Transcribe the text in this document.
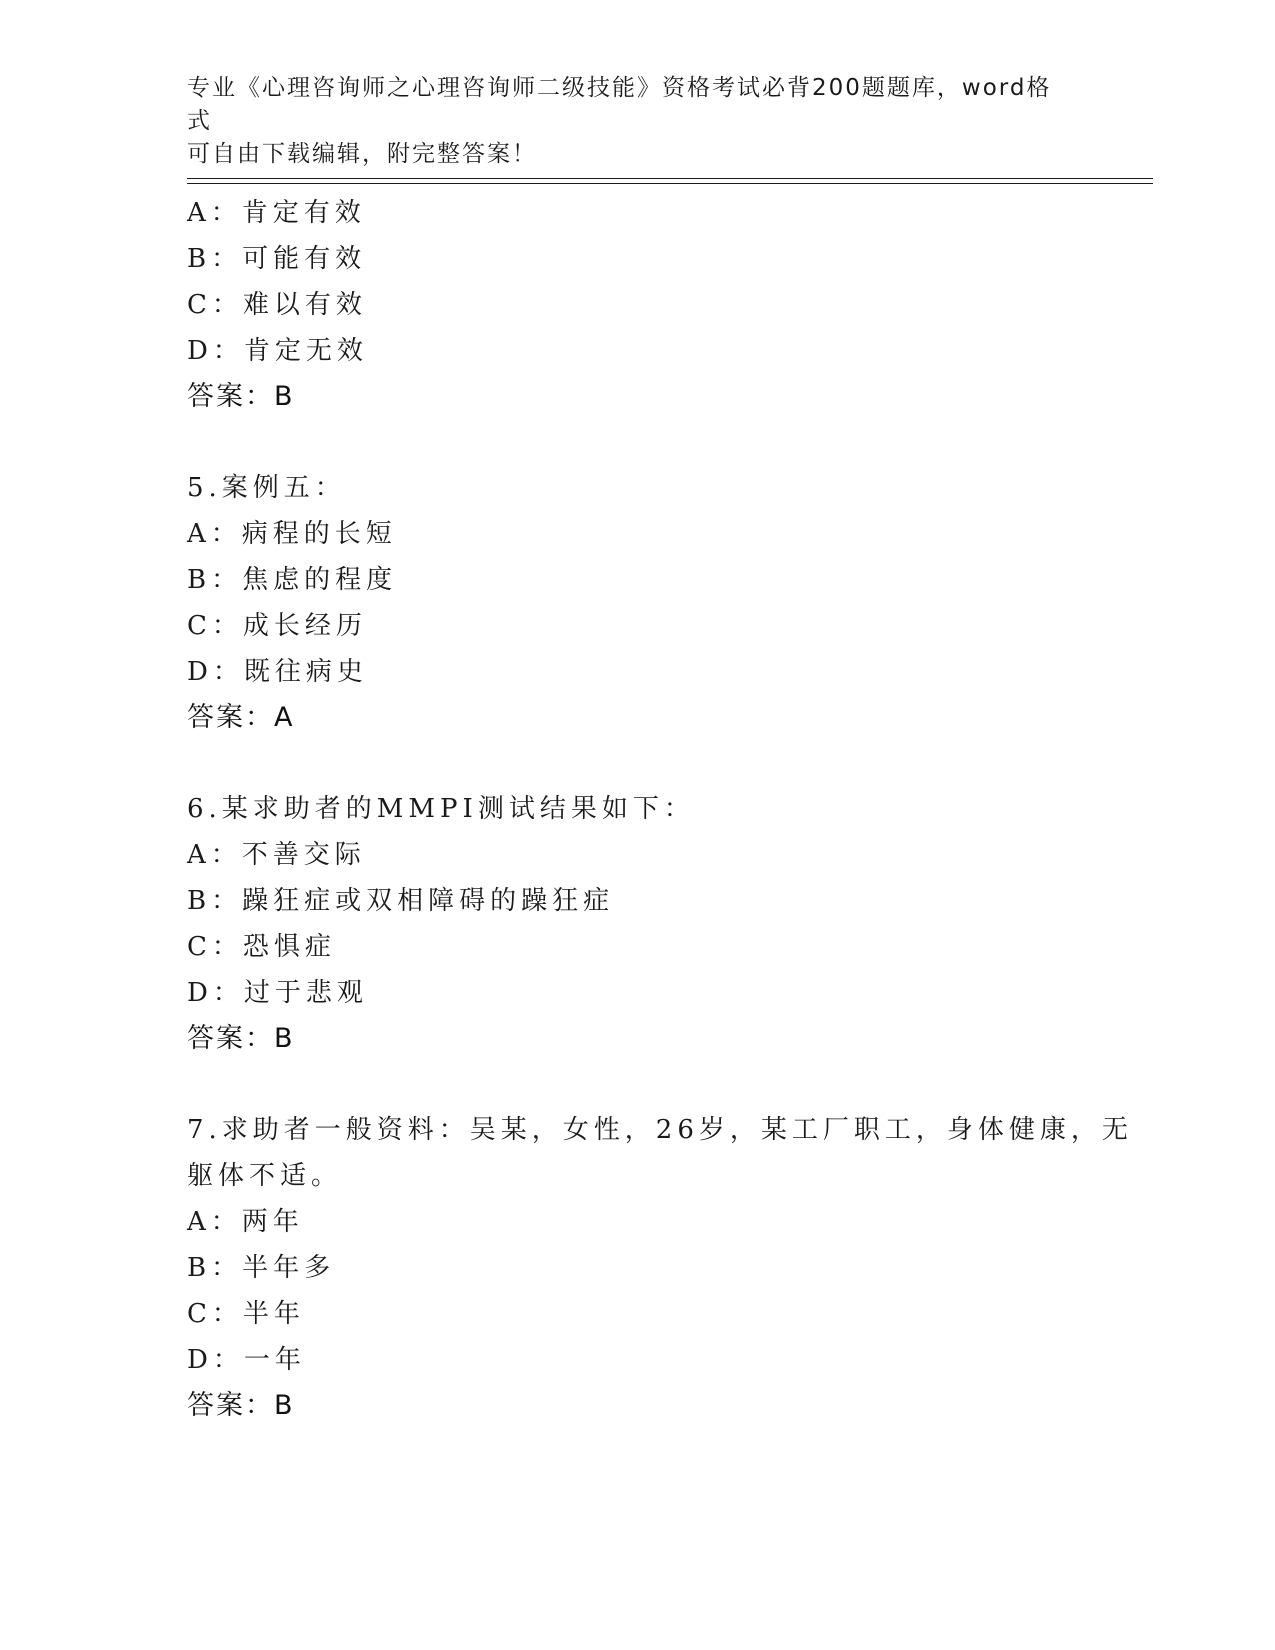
专业《心理咨询师之心理咨询师二级技能》资格考试必背200题题库，word格式
可自由下载编辑，附完整答案！
A：肯定有效
B：可能有效
C：难以有效
D：肯定无效
答案：B
5.案例五：
A：病程的长短
B：焦虑的程度
C：成长经历
D：既往病史
答案：A
6.某求助者的MMPI测试结果如下：
A：不善交际
B：躁狂症或双相障碍的躁狂症
C：恐惧症
D：过于悲观
答案：B
7.求助者一般资料：吴某，女性，26岁，某工厂职工，身体健康，无
躯体不适。
A：两年
B：半年多
C：半年
D：一年
答案：B
